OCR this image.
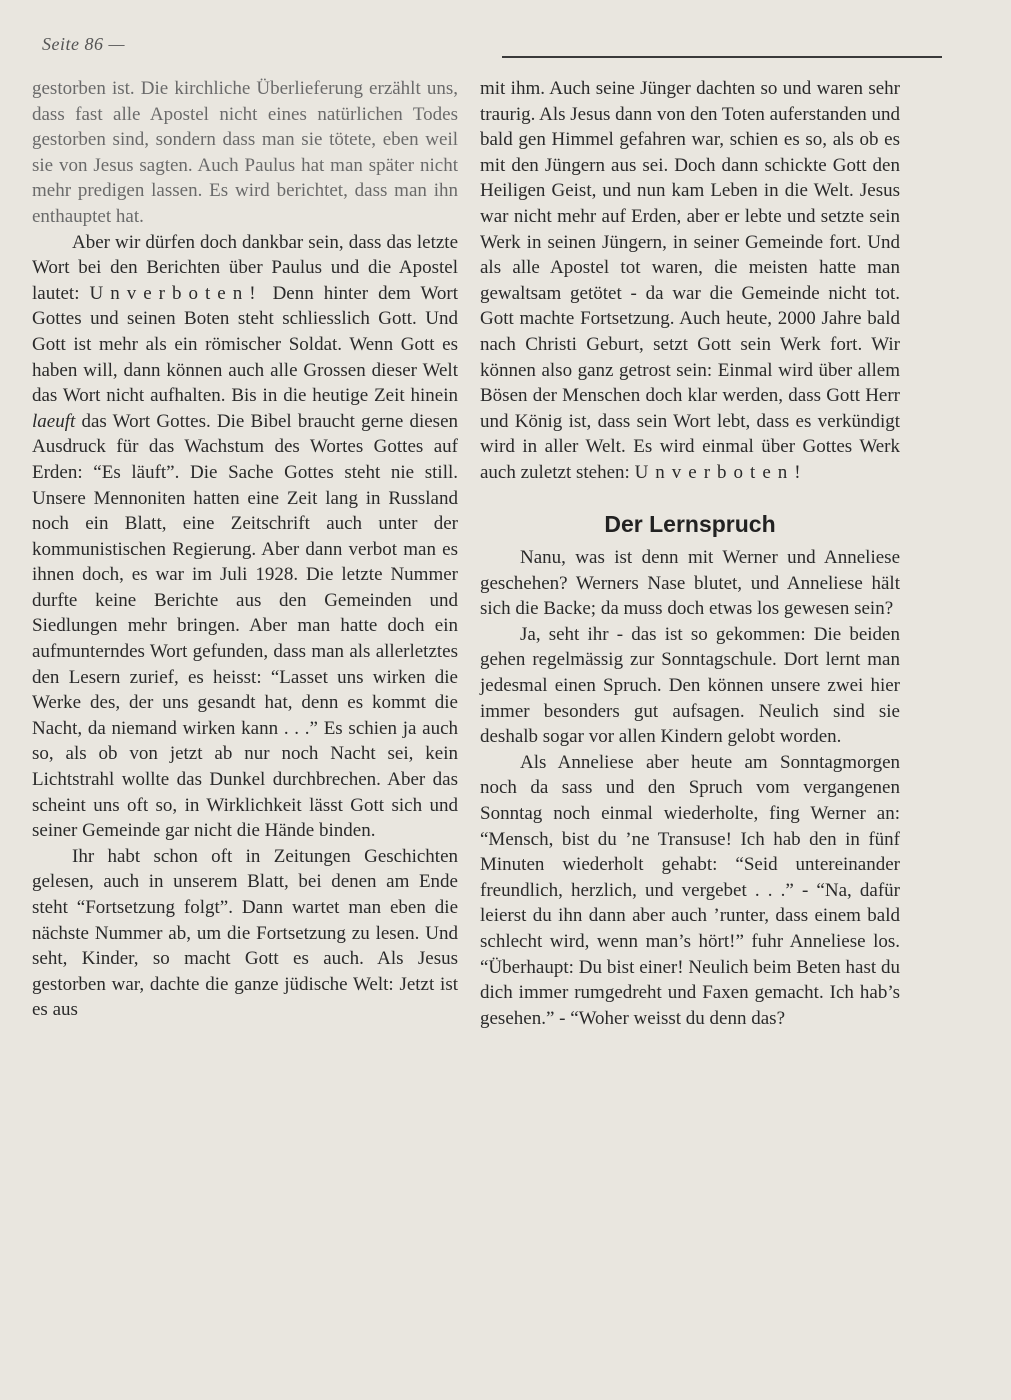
Seite 86 —

gestorben ist. Die kirchliche Überlieferung erzählt uns, dass fast alle Apostel nicht eines natürlichen Todes gestorben sind, sondern dass man sie tötete, eben weil sie von Jesus sagten. Auch Paulus hat man später nicht mehr predigen lassen. Es wird berichtet, dass man ihn enthauptet hat.

Aber wir dürfen doch dankbar sein, dass das letzte Wort bei den Berichten über Paulus und die Apostel lautet: Unverboten! Denn hinter dem Wort Gottes und seinen Boten steht schliesslich Gott. Und Gott ist mehr als ein römischer Soldat. Wenn Gott es haben will, dann können auch alle Grossen dieser Welt das Wort nicht aufhalten. Bis in die heutige Zeit hinein laeuft das Wort Gottes. Die Bibel braucht gerne diesen Ausdruck für das Wachstum des Wortes Gottes auf Erden: “Es läuft”. Die Sache Gottes steht nie still. Unsere Mennoniten hatten eine Zeit lang in Russland noch ein Blatt, eine Zeitschrift auch unter der kommunistischen Regierung. Aber dann verbot man es ihnen doch, es war im Juli 1928. Die letzte Nummer durfte keine Berichte aus den Gemeinden und Siedlungen mehr bringen. Aber man hatte doch ein aufmunterndes Wort gefunden, dass man als allerletztes den Lesern zurief, es heisst: “Lasset uns wirken die Werke des, der uns gesandt hat, denn es kommt die Nacht, da niemand wirken kann . . .” Es schien ja auch so, als ob von jetzt ab nur noch Nacht sei, kein Lichtstrahl wollte das Dunkel durchbrechen. Aber das scheint uns oft so, in Wirklichkeit lässt Gott sich und seiner Gemeinde gar nicht die Hände binden.

Ihr habt schon oft in Zeitungen Geschichten gelesen, auch in unserem Blatt, bei denen am Ende steht “Fortsetzung folgt”. Dann wartet man eben die nächste Nummer ab, um die Fortsetzung zu lesen. Und seht, Kinder, so macht Gott es auch. Als Jesus gestorben war, dachte die ganze jüdische Welt: Jetzt ist es aus

mit ihm. Auch seine Jünger dachten so und waren sehr traurig. Als Jesus dann von den Toten auferstanden und bald gen Himmel gefahren war, schien es so, als ob es mit den Jüngern aus sei. Doch dann schickte Gott den Heiligen Geist, und nun kam Leben in die Welt. Jesus war nicht mehr auf Erden, aber er lebte und setzte sein Werk in seinen Jüngern, in seiner Gemeinde fort. Und als alle Apostel tot waren, die meisten hatte man gewaltsam getötet - da war die Gemeinde nicht tot. Gott machte Fortsetzung. Auch heute, 2000 Jahre bald nach Christi Geburt, setzt Gott sein Werk fort. Wir können also ganz getrost sein: Einmal wird über allem Bösen der Menschen doch klar werden, dass Gott Herr und König ist, dass sein Wort lebt, dass es verkündigt wird in aller Welt. Es wird einmal über Gottes Werk auch zuletzt stehen: Unverboten!

Der Lernspruch

Nanu, was ist denn mit Werner und Anneliese geschehen? Werners Nase blutet, und Anneliese hält sich die Backe; da muss doch etwas los gewesen sein?

Ja, seht ihr - das ist so gekommen: Die beiden gehen regelmässig zur Sonntagschule. Dort lernt man jedesmal einen Spruch. Den können unsere zwei hier immer besonders gut aufsagen. Neulich sind sie deshalb sogar vor allen Kindern gelobt worden.

Als Anneliese aber heute am Sonntagmorgen noch da sass und den Spruch vom vergangenen Sonntag noch einmal wiederholte, fing Werner an: “Mensch, bist du ’ne Transuse! Ich hab den in fünf Minuten wiederholt gehabt: “Seid untereinander freundlich, herzlich, und vergebet . . .” - “Na, dafür leierst du ihn dann aber auch ’runter, dass einem bald schlecht wird, wenn man’s hört!” fuhr Anneliese los. “Überhaupt: Du bist einer! Neulich beim Beten hast du dich immer rumgedreht und Faxen gemacht. Ich hab’s gesehen.” - “Woher weisst du denn das?
